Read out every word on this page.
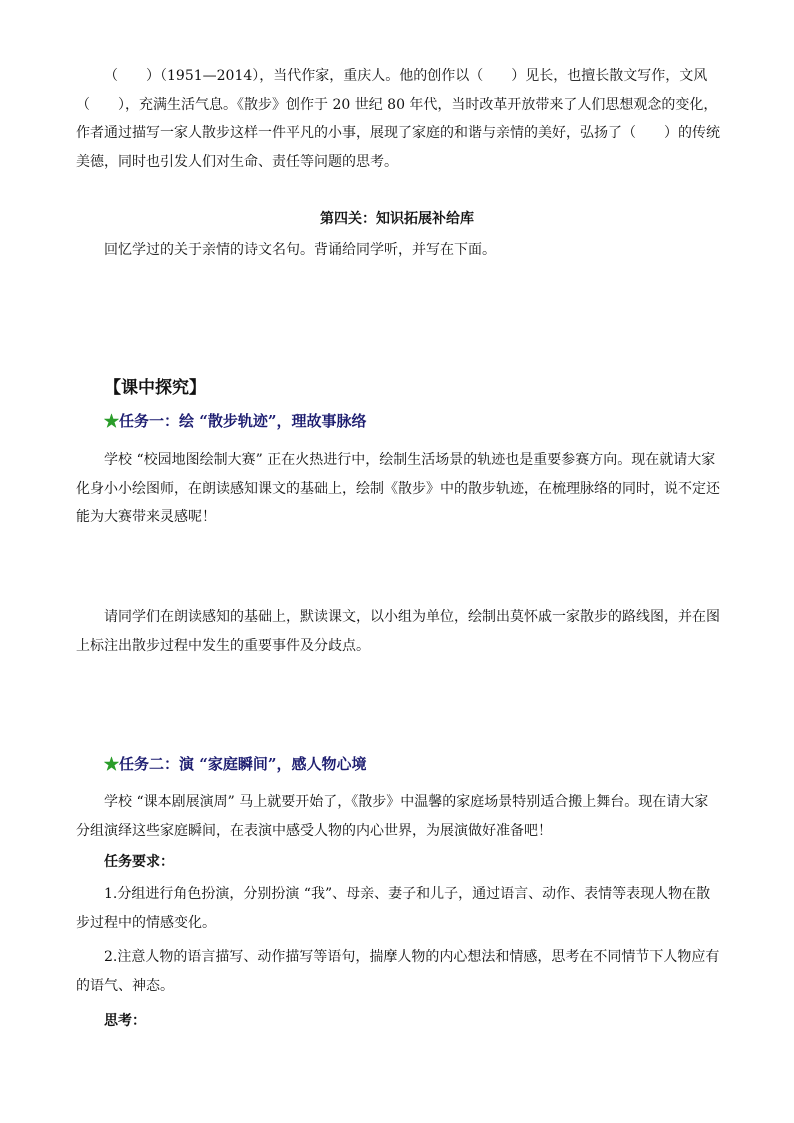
（　　）（1951—2014），当代作家，重庆人。他的创作以（　　）见长，也擅长散文写作，文风（　　），充满生活气息。《散步》创作于 20 世纪 80 年代，当时改革开放带来了人们思想观念的变化，作者通过描写一家人散步这样一件平凡的小事，展现了家庭的和谐与亲情的美好，弘扬了（　　）的传统美德，同时也引发人们对生命、责任等问题的思考。

第四关：知识拓展补给库

回忆学过的关于亲情的诗文名句。背诵给同学听，并写在下面。

【课中探究】

★任务一：绘 “散步轨迹”，理故事脉络

学校 “校园地图绘制大赛” 正在火热进行中，绘制生活场景的轨迹也是重要参赛方向。现在就请大家化身小小绘图师，在朗读感知课文的基础上，绘制《散步》中的散步轨迹，在梳理脉络的同时，说不定还能为大赛带来灵感呢！

请同学们在朗读感知的基础上，默读课文，以小组为单位，绘制出莫怀戚一家散步的路线图，并在图上标注出散步过程中发生的重要事件及分歧点。

★任务二：演 “家庭瞬间”，感人物心境

学校 “课本剧展演周” 马上就要开始了，《散步》中温馨的家庭场景特别适合搬上舞台。现在请大家分组演绎这些家庭瞬间，在表演中感受人物的内心世界，为展演做好准备吧！

任务要求：

1.分组进行角色扮演，分别扮演 “我”、母亲、妻子和儿子，通过语言、动作、表情等表现人物在散步过程中的情感变化。

2.注意人物的语言描写、动作描写等语句，揣摩人物的内心想法和情感，思考在不同情节下人物应有的语气、神态。

思考：
